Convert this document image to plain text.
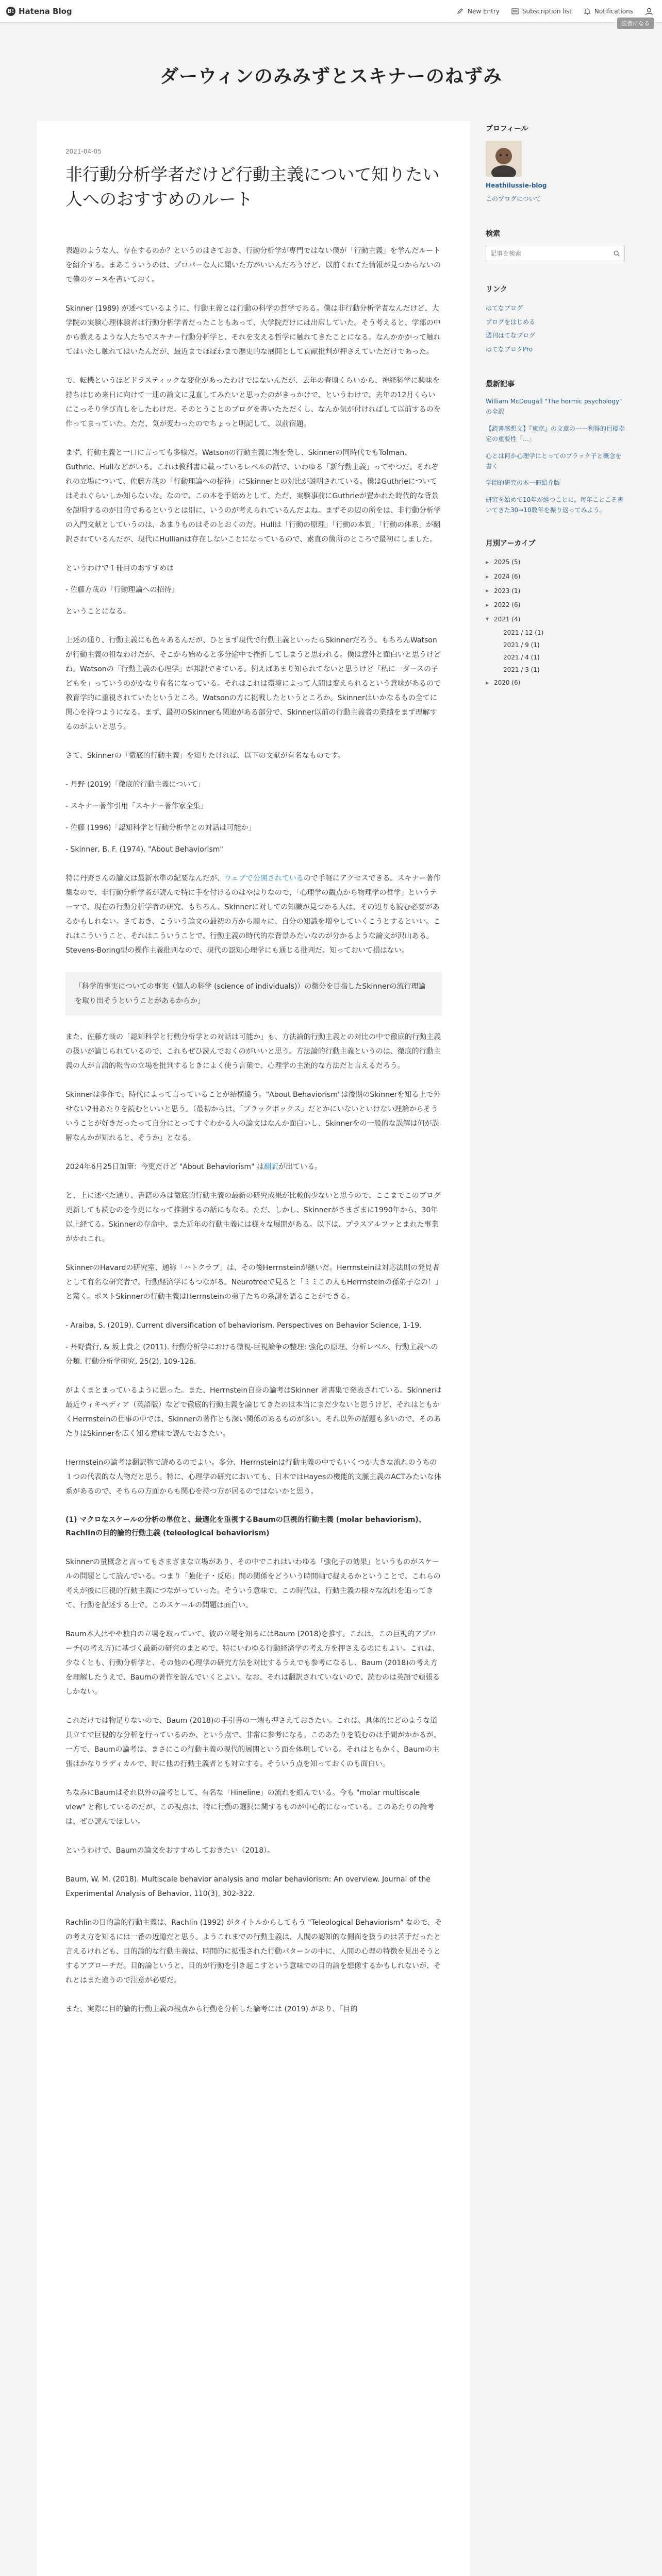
B! Hatena Blog	New Entry	Subscription list	Notifications
読者になる
ダーウィンのみみずとスキナーのねずみ
2021-04-05
非行動分析学者だけど行動主義について知りたい人へのおすすめのルート

表題のような人、存在するのか？というのはさておき、行動分析学が専門ではない僕が「行動主義」を学んだルートを紹介する。まあこういうのは、プロパーな人に聞いた方がいいんだろうけど、以前くれてた情報が見つからないので僕のケースを書いておく。

Skinner (1989) が述べているように、行動主義とは行動の科学の哲学である。僕は非行動分析学者なんだけど、大学院の実験心理体験者は行動分析学者だったこともあって、大学院だけには出席していた。そう考えると、学部の中から教えるような人たちでスキナー行動分析学と、それを支える哲学に触れてきたことになる。なんかかかって触れてはいたし触れてはいたんだが、最近までほぼわまで歴史的な展開として貢献批判が押さえていただけであった。

で、転機というほどドラスティックな変化があったわけではないんだが、去年の春頃くらいから、神経科学に興味を持ちはじめ来日に向けて一連の論文に見直してみたいと思ったのがきっかけで、というわけで、去年の12月くらいにこっそり学び直しをしたわけだ。そのとうことのブログを書いたただくし、なんか気が付ければして以前するのを作ってまっていた。ただ、気が変わったのでちょっと明記して、以前宿題。

まず、行動主義と一口に言っても多様だ。Watsonの行動主義に端を発し、Skinnerの同時代でもTolman、Guthrie、Hullなどがいる。これは教科書に載っているレベルの話で、いわゆる「新行動主義」ってやつだ。それぞれの立場について、佐藤方哉の「行動理論への招待」にSkinnerとの対比が説明されている。僕はGuthrieについてはそれぐらいしか知らないな。なので、この本を手始めとして、ただ、実験事前にGuthrieが置かれた時代的な背景を説明するのが目的であるというとは別に、いうのが考えられているんだよね。まずその辺の所をは、非行動分析学の入門文献としていうのは、あまりものはそのとおくのだ。Hullは「行動の原理」「行動の本質」「行動の体系」が翻訳されているんだが、現代にHullianは存在しないことになっているので、素直の箇所のところで最初にしました。

というわけで１冊目のおすすめは

- 佐藤方哉の「行動理論への招待」

ということになる。

上述の通り、行動主義にも色々あるんだが、ひとまず現代で行動主義といったらSkinnerだろう。もちろんWatsonが行動主義の祖なわけだが、そこから始めると多分途中で挫折してしまうと思われる。僕は意外と面白いと思うけどね。Watsonの「行動主義の心理学」が邦訳できている。例えばあまり知られてないと思うけど「私に一ダースの子どもを」っていうのがかなり有名になっている。それはこれは環境によって人間は変えられるという意味があるので教育学的に重視されていたというところ。Watsonの方に挑戦したというところか。Skinnerはいかなるもの全てに関心を持つようになる。まず、最初のSkinnerも関連がある部分で、Skinner以前の行動主義者の業績をまず理解するのがよいと思う。

さて、Skinnerの「徹底的行動主義」を知りたければ、以下の文献が有名なものです。

- 丹野 (2019)「徹底的行動主義について」

- スキナー著作引用「スキナー著作家全集」

- 佐藤 (1996)「認知科学と行動分析学との対話は可能か」

- Skinner, B. F. (1974). "About Behaviorism"

特に丹野さんの論文は最新水準の紀要なんだが、ウェブで公開されているので手軽にアクセスできる。スキナー著作集なので、非行動分析学者が読んで特に手を付けるのはやはりなので、「心理学の観点から物理学の哲学」というテーマで、現在の行動分析学者の研究、もちろん、Skinnerに対しての知識が見つかる人は、その辺りも読む必要があるかもしれない。さておき、こういう論文の最初の方から順々に、自分の知識を増やしていくこうとするといい。これはこういうこと、それはこういうことで、行動主義の時代的な背景みたいなのが分かるような論文が沢山ある。Stevens-Boring型の操作主義批判なので、現代の認知心理学にも通じる批判だ。知っておいて損はない。

「科学的事実についての事実（個人の科学 (science of individuals)）の微分を目指したSkinnerの流行理論を取り出そうということがあるからか」

また、佐藤方哉の「認知科学と行動分析学との対話は可能か」も、方法論的行動主義との対比の中で徹底的行動主義の扱いが論じられているので、これもぜひ読んでおくのがいいと思う。方法論的行動主義というのは、徹底的行動主義の人が言語的報告の立場を批判するときによく使う言葉で、心理学の主流的な方法だと言えるだろう。

Skinnerは多作で、時代によって言っていることが結構違う。"About Behaviorism"は後期のSkinnerを知る上で外せない2冊あたりを読むといいと思う。（最初からは、「ブラックボックス」だとかにいないといけない理論からそういうことが好きだったって自分にとってすぐわかる人の論文はなんか面白いし、Skinnerをの一般的な誤解は何が誤解なんかが知れると、そうか」となる。

2024年6月25日加筆：今更だけど "About Behaviorism" は翻訳が出ている。

と、上に述べた通り、書籍のみは徹底的行動主義の最新の研究成果が比較的少ないと思うので、ここまでこのブログ更新しても読むのを今更になって推測するの話にもなる。ただ、しかし、Skinnerがさまざまに1990年から、30年以上経てる。Skinnerの存命中、また近年の行動主義には様々な展開がある。以下は、プラスアルファとまれた事業がかれこれ。

SkinnerのHavardの研究室、通称「ハトクラブ」は、その後Herrnsteinが継いだ。Herrnsteinは対応法則の発見者として有名な研究者で、行動経済学にもつながる。Neurotreeで見ると「ミミこの人もHerrnsteinの孫弟子なの！」と驚く。ポストSkinnerの行動主義はHerrnsteinの弟子たちの系譜を語ることができる。

- Araiba, S. (2019). Current diversification of behaviorism. Perspectives on Behavior Science, 1-19.

- 丹野貴行, & 坂上貴之 (2011). 行動分析学における微視-巨視論争の整理: 強化の原理、分析レベル、行動主義への分類. 行動分析学研究, 25(2), 109-126.

がよくまとまっているように思った。また、Herrnstein自身の論考はSkinner 著書集で発表されている。Skinnerは最近ウィキペディア（英語版）などで徹底的行動主義を論じてきたのは本当にまだ少ないと思うけど、それはともかくHerrnsteinの仕事の中では、Skinnerの著作とも深い関係のあるものが多い。それ以外の話題も多いので、そのあたりはSkinnerを広く知る意味で読んでおきたい。

Herrnsteinの論考は翻訳物で読めるのでよい。多分、Herrnsteinは行動主義の中でもいくつか大きな流れのうちの１つの代表的な人物だと思う。特に、心理学の研究においても、日本ではHayesの機能的文脈主義のACTみたいな体系があるので、そちらの方面からも関心を持つ方が居るのではないかと思う。

(1) マクロなスケールの分析の単位と、最適化を重視するBaumの巨視的行動主義 (molar behaviorism)、Rachlinの目的論的行動主義 (teleological behaviorism)

Skinnerの量概念と言ってもさまざまな立場があり、その中でこれはいわゆる「強化子の効果」というものがスケールの問題として読んでいる。つまり「強化子・反応」間の関係をどういう時間軸で捉えるかということで、これらの考えが後に巨視的行動主義につながっていった。そういう意味で、この時代は、行動主義の様々な流れを追ってきて、行動を記述する上で、このスケールの問題は面白い。

Baum本人はやや独自の立場を取っていて、彼の立場を知るにはBaum (2018)を推す。これは、この巨視的アプローチ(の考え方)に基づく最新の研究のまとめで、特にいわゆる行動経済学の考え方を押さえるのにもよい。これは、少なくとも、行動分析学と、その他の心理学の研究方法を対比するうえでも参考になるし、Baum (2018)の考え方を理解したうえで、Baumの著作を読んでいくとよい。なお、それは翻訳されていないので、読むのは英語で頑張るしかない。

これだけでは物足りないので、Baum (2018)の手引書の一端も押さえておきたい。これは、具体的にどのような道具立てで巨視的な分析を行っているのか、という点で、非常に参考になる。このあたりを読むのは手間がかかるが、一方で、Baumの論考は、まさにこの行動主義の現代的展開という面を体現している。それはともかく、Baumの主張はかなりラディカルで、時に他の行動主義者とも対立する。そういう点を知っておくのも面白い。

ちなみにBaumはそれ以外の論考として、有名な「Hineline」の流れを組んでいる。今も "molar multiscale view" と称しているのだが、この視点は、特に行動の選択に関するものが中心的になっている。このあたりの論考は、ぜひ読んでほしい。

というわけで、Baumの論文をおすすめしておきたい（2018）。

Baum, W. M. (2018). Multiscale behavior analysis and molar behaviorism: An overview. Journal of the Experimental Analysis of Behavior, 110(3), 302-322.

Rachlinの目的論的行動主義は、Rachlin (1992) がタイトルからしてもう "Teleological Behaviorism" なので、その考え方を知るには一番の近道だと思う。ようこれまでの行動主義は、人間の認知的な側面を扱うのは苦手だったと言えるけれども、目的論的な行動主義は、時間的に拡張された行動パターンの中に、人間の心理の特徴を見出そうとするアプローチだ。目的論というと、目的が行動を引き起こすという意味での目的論を想像するかもしれないが、それとはまた違うので注意が必要だ。

また、実際に目的論的行動主義の観点から行動を分析した論考には (2019) があり、「目的

プロフィール
Heathilussie-blog
このブログについて
検索
記事を検索
リンク
はてなブログ
ブログをはじめる
週刊はてなブログ
はてなブログPro
最新記事
William McDougall "The hormic psychology" の全訳
【読書感想文】『東京』の文章の一一利得的目標指定の重要性「…」
心とは何か心理学にとってのブラック子と概念を書く
学問的研究の本一冊紹介版
研究を始めて10年が経つことに。毎年ことこそ書いてきた30→10数年を振り返ってみよう。
月別アーカイブ
▶ 2025 (5)
▶ 2024 (6)
▶ 2023 (1)
▶ 2022 (6)
▼ 2021 (4)
2021 / 12 (1)
2021 / 9 (1)
2021 / 4 (1)
2021 / 3 (1)
▶ 2020 (6)
